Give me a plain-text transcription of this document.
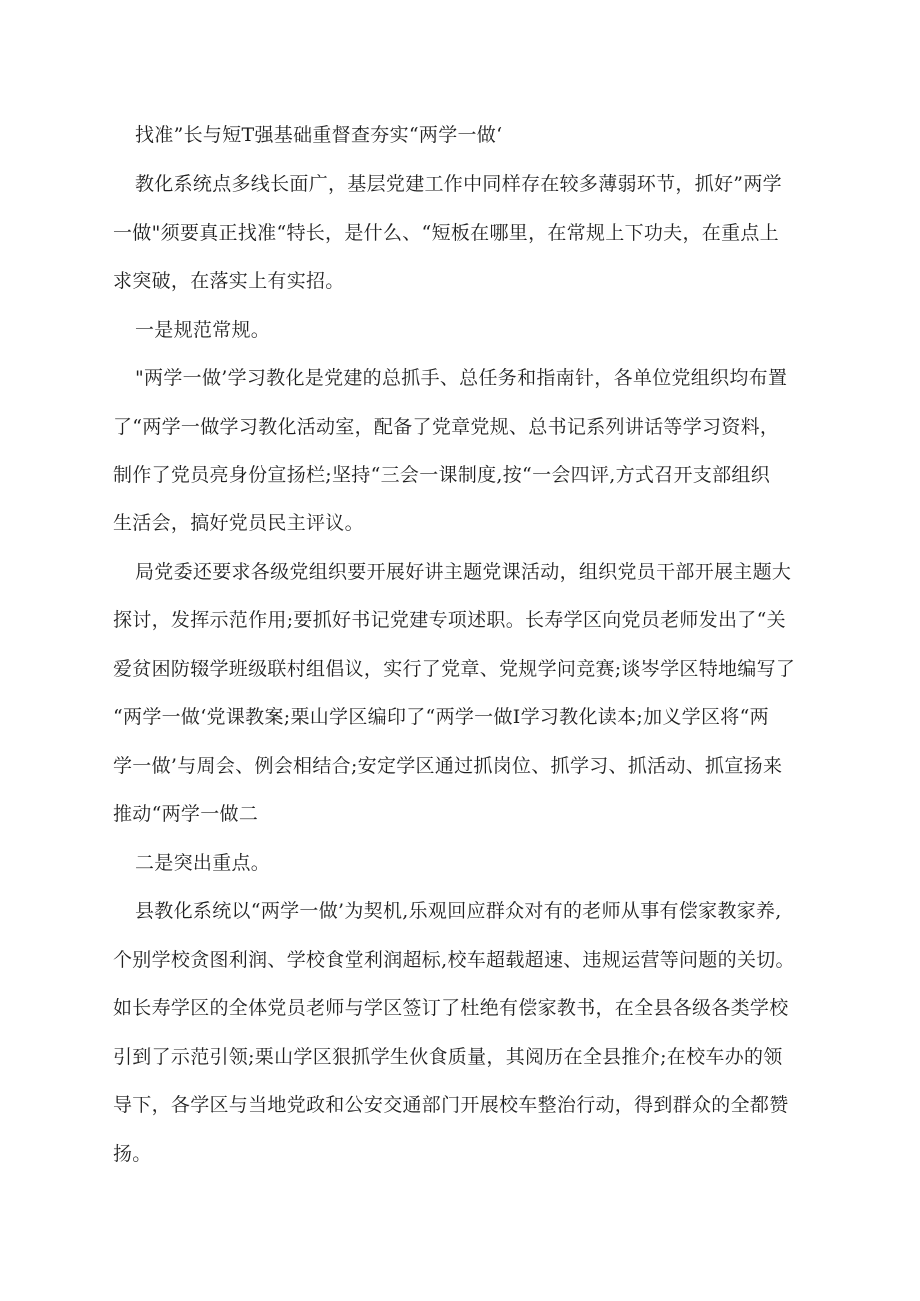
找准”长与短T强基础重督查夯实“两学一做‘
教化系统点多线长面广，基层党建工作中同样存在较多薄弱环节，抓好”两学
一做"须要真正找准“特长，是什么、“短板在哪里，在常规上下功夫，在重点上
求突破，在落实上有实招。
一是规范常规。
"两学一做’学习教化是党建的总抓手、总任务和指南针，各单位党组织均布置
了“两学一做学习教化活动室，配备了党章党规、总书记系列讲话等学习资料，
制作了党员亮身份宣扬栏;坚持“三会一课制度,按“一会四评,方式召开支部组织
生活会，搞好党员民主评议。
局党委还要求各级党组织要开展好讲主题党课活动，组织党员干部开展主题大
探讨，发挥示范作用;要抓好书记党建专项述职。长寿学区向党员老师发出了“关
爱贫困防辍学班级联村组倡议，实行了党章、党规学问竞赛;谈岑学区特地编写了
“两学一做‘党课教案;栗山学区编印了“两学一做Ⅰ学习教化读本;加义学区将“两
学一做’与周会、例会相结合;安定学区通过抓岗位、抓学习、抓活动、抓宣扬来
推动“两学一做二
二是突出重点。
县教化系统以“两学一做’为契机,乐观回应群众对有的老师从事有偿家教家养,
个别学校贪图利润、学校食堂利润超标,校车超载超速、违规运营等问题的关切。
如长寿学区的全体党员老师与学区签订了杜绝有偿家教书，在全县各级各类学校
引到了示范引领;栗山学区狠抓学生伙食质量，其阅历在全县推介;在校车办的领
导下，各学区与当地党政和公安交通部门开展校车整治行动，得到群众的全都赞
扬。
